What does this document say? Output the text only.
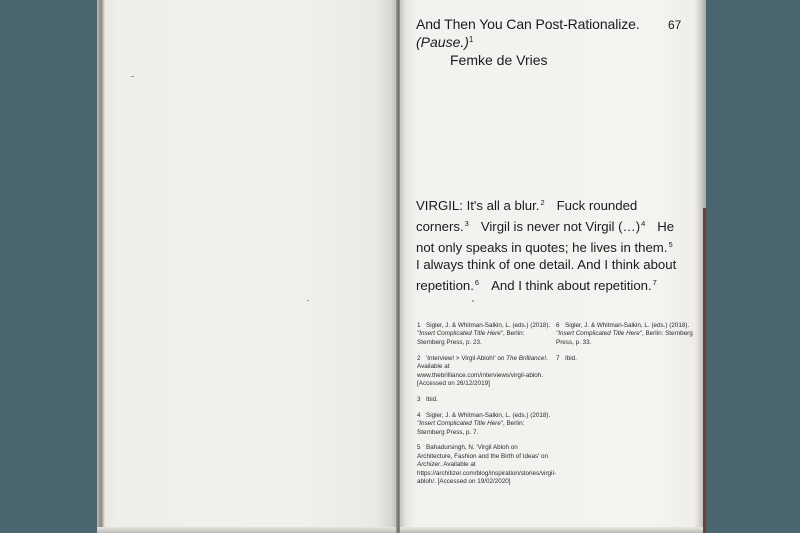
And Then You Can Post-Rationalize. 67
(Pause.)$^1$
Femke de Vries
VIRGIL: It's all a blur.$^2$ Fuck rounded corners.$^3$ Virgil is never not Virgil (…)$^4$ He not only speaks in quotes; he lives in them.$^5$ I always think of one detail. And I think about repetition.$^6$ And I think about repetition.$^7$
1 Sigler, J. & Whitman-Salkin, L. (eds.) (2018). "Insert Complicated Title Here", Berlin: Sternberg Press, p. 23.
2 'Interview! > Virgil Abloh!' on The Brilliance!. Available at www.thebrilliance.com/interviews/virgil-abloh. [Accessed on 26/12/2019]
3 Ibid.
4 Sigler, J. & Whitman-Salkin, L. (eds.) (2018). "Insert Complicated Title Here", Berlin: Sternberg Press, p. 7.
5 Bahadursingh, N. 'Virgil Abloh on Architecture, Fashion and the Birth of Ideas' on Archizer. Available at https://architizer.com/blog/inspiration/stories/virgil-abloh/. [Accessed on 19/02/2020]
6 Sigler, J. & Whitman-Salkin, L. (eds.) (2018). "Insert Complicated Title Here", Berlin: Sternberg Press, p. 33.
7 Ibid.
